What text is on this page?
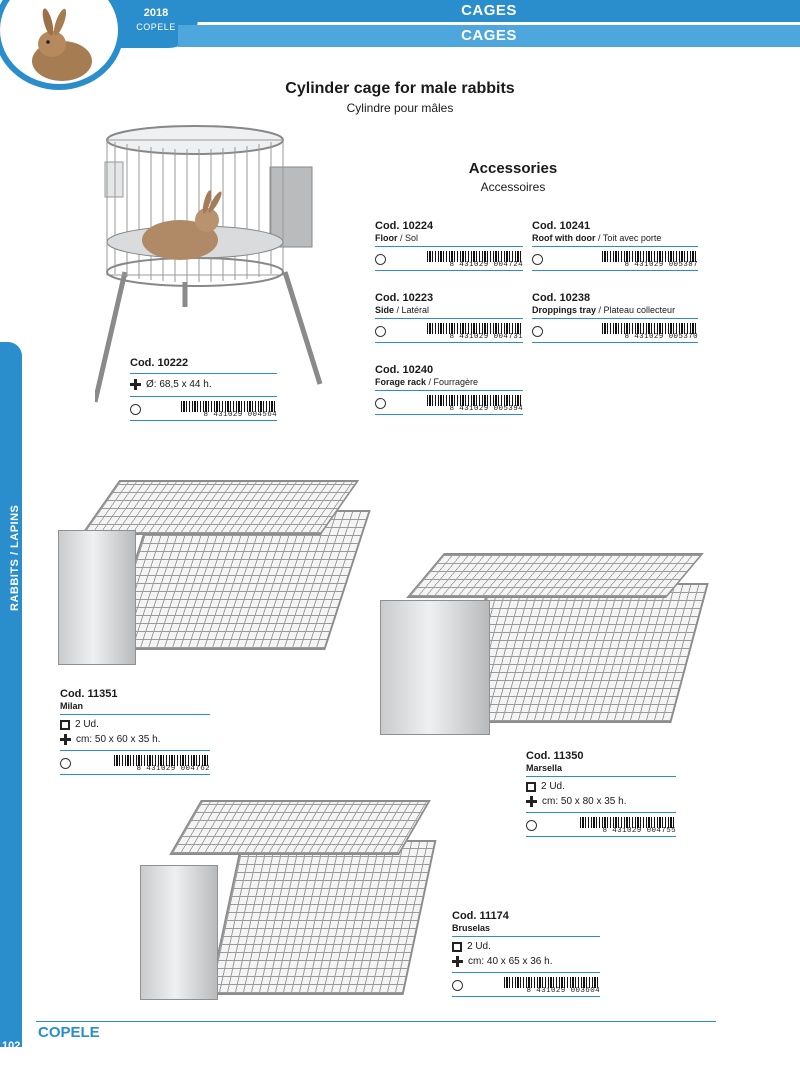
CAGES
CAGES
2018
COPELE
RABBITS / LAPINS
Cylinder cage for male rabbits
Cylindre pour mâles
Cod. 10222
Ø: 68,5 x 44 h.
8 431029 004564
Accessories
Accessoires
Cod. 10224
Floor / Sol
8 431029 004724
Cod. 10241
Roof with door / Toit avec porte
8 431029 005387
Cod. 10223
Side / Latéral
8 431029 004731
Cod. 10238
Droppings tray / Plateau collecteur
8 431029 005370
Cod. 10240
Forage rack / Fourragère
8 431029 005394
Cod. 11351
Milan
2 Ud.
cm: 50 x 60 x 35 h.
8 431029 004762
Cod. 11350
Marsella
2 Ud.
cm: 50 x 80 x 35 h.
8 431029 004755
Cod. 11174
Bruselas
2 Ud.
cm: 40 x 65 x 36 h.
8 431029 003604
COPELE
102
